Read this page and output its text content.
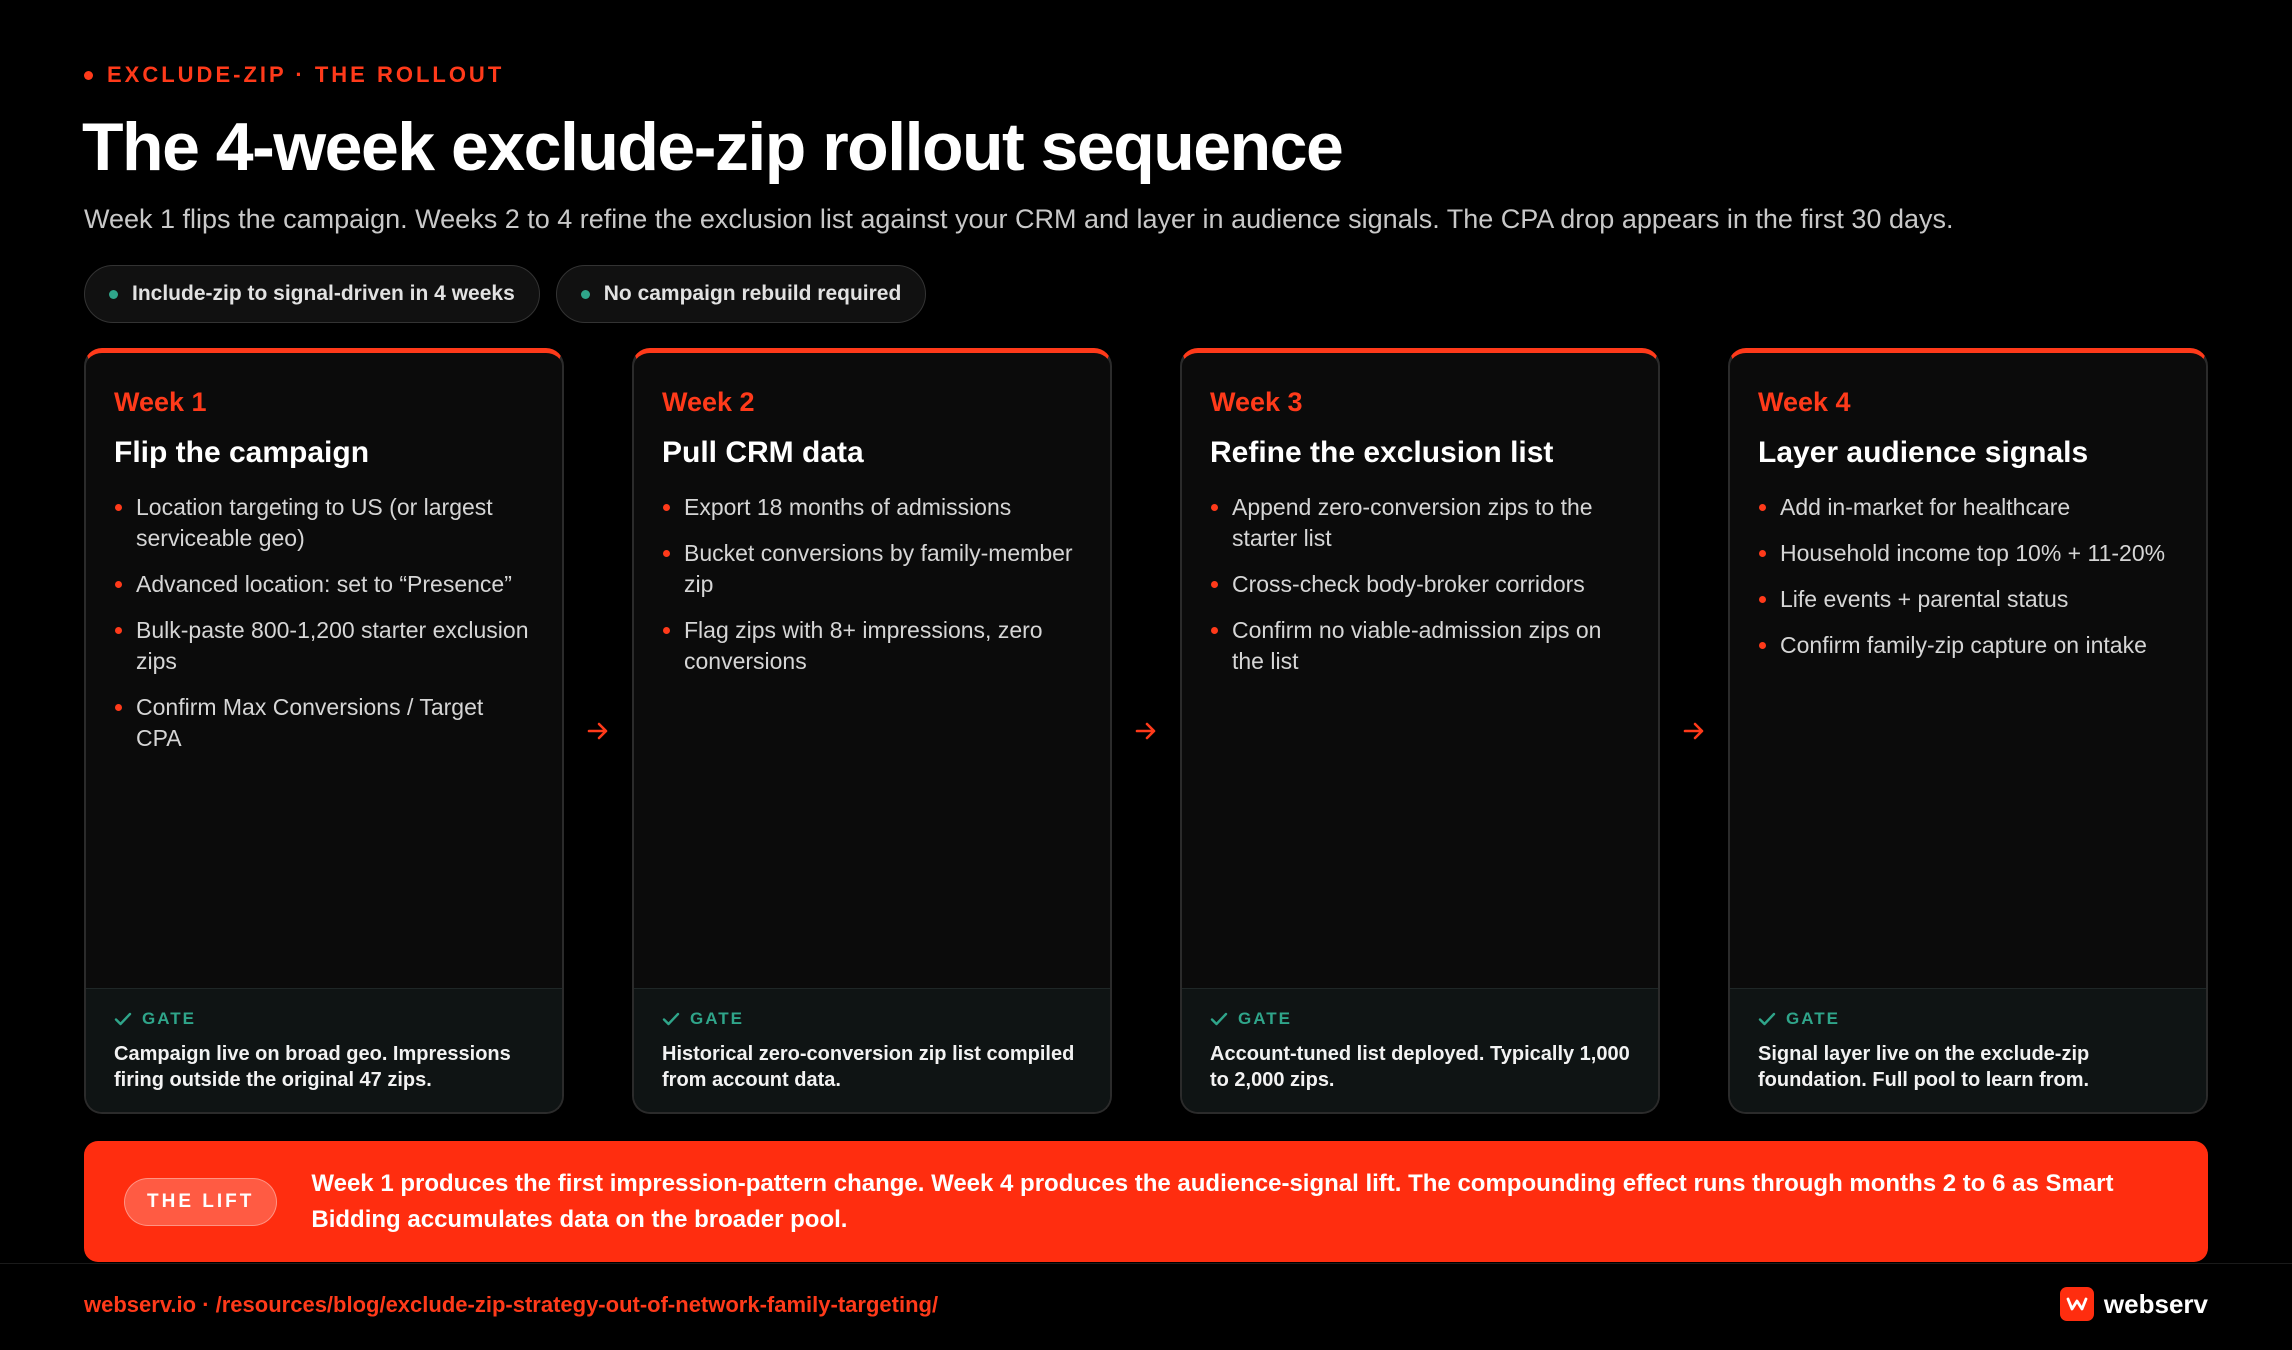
EXCLUDE-ZIP · THE ROLLOUT
The 4-week exclude-zip rollout sequence

Week 1 flips the campaign. Weeks 2 to 4 refine the exclusion list against your CRM and layer in audience signals. The CPA drop appears in the first 30 days.

Include-zip to signal-driven in 4 weeks	No campaign rebuild required
Week 1
Flip the campaign
Location targeting to US (or largest serviceable geo)
Advanced location: set to “Presence”
Bulk-paste 800-1,200 starter exclusion zips
Confirm Max Conversions / Target CPA
GATE
Campaign live on broad geo. Impressions firing outside the original 47 zips.
Week 2
Pull CRM data
Export 18 months of admissions
Bucket conversions by family-member zip
Flag zips with 8+ impressions, zero conversions
GATE
Historical zero-conversion zip list compiled from account data.
Week 3
Refine the exclusion list
Append zero-conversion zips to the starter list
Cross-check body-broker corridors
Confirm no viable-admission zips on the list
GATE
Account-tuned list deployed. Typically 1,000 to 2,000 zips.
Week 4
Layer audience signals
Add in-market for healthcare
Household income top 10% + 11-20%
Life events + parental status
Confirm family-zip capture on intake
GATE
Signal layer live on the exclude-zip foundation. Full pool to learn from.
THE LIFT

Week 1 produces the first impression-pattern change. Week 4 produces the audience-signal lift. The compounding effect runs through months 2 to 6 as Smart Bidding accumulates data on the broader pool.

webserv.io · /resources/blog/exclude-zip-strategy-out-of-network-family-targeting/	webserv
